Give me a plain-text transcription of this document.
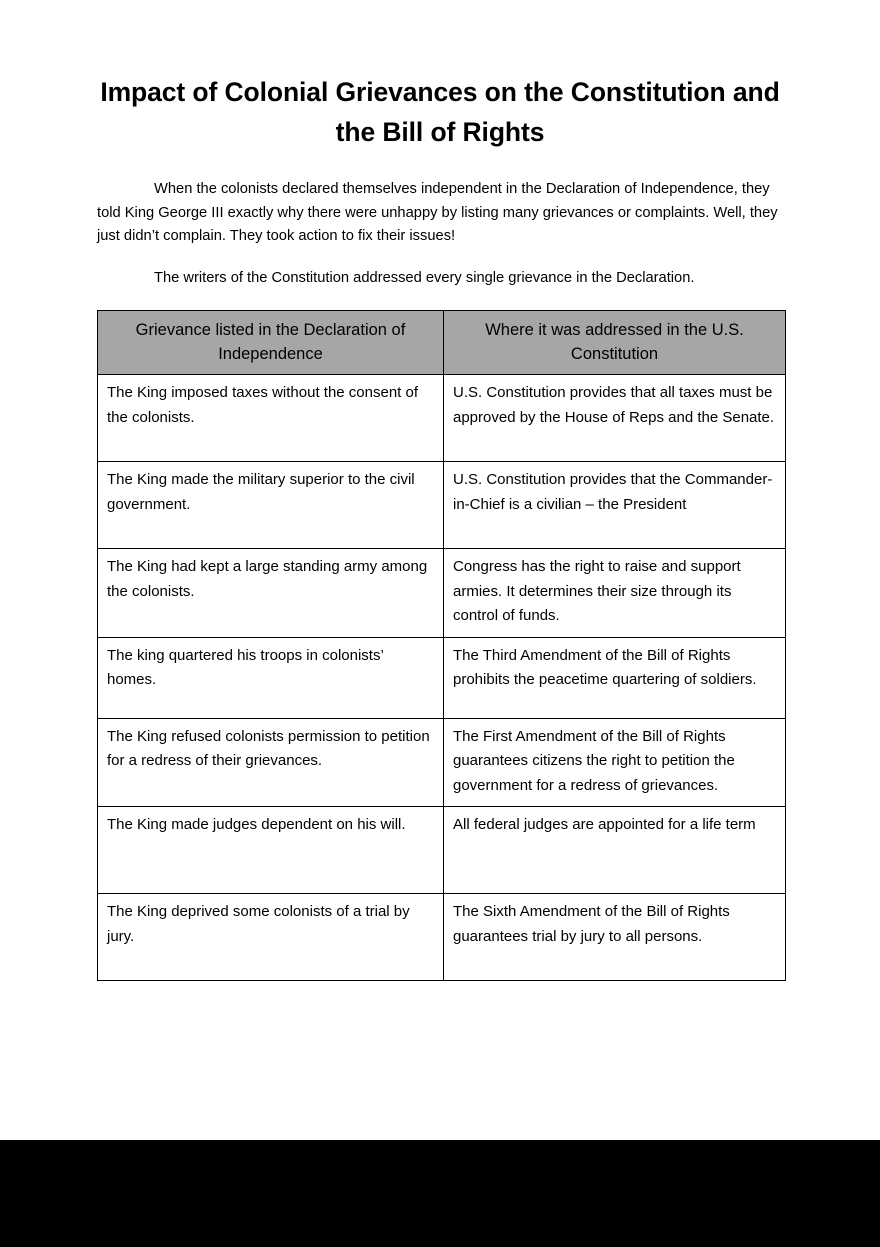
Impact of Colonial Grievances on the Constitution and the Bill of Rights

When the colonists declared themselves independent in the Declaration of Independence, they told King George III exactly why there were unhappy by listing many grievances or complaints. Well, they just didn’t complain. They took action to fix their issues!

The writers of the Constitution addressed every single grievance in the Declaration.

Grievance listed in the Declaration of Independence	Where it was addressed in the U.S. Constitution
The King imposed taxes without the consent of the colonists.	U.S. Constitution provides that all taxes must be approved by the House of Reps and the Senate.
The King made the military superior to the civil government.	U.S. Constitution provides that the Commander-in-Chief is a civilian – the President
The King had kept a large standing army among the colonists.	Congress has the right to raise and support armies. It determines their size through its control of funds.
The king quartered his troops in colonists’ homes.	The Third Amendment of the Bill of Rights prohibits the peacetime quartering of soldiers.
The King refused colonists permission to petition for a redress of their grievances.	The First Amendment of the Bill of Rights guarantees citizens the right to petition the government for a redress of grievances.
The King made judges dependent on his will.	All federal judges are appointed for a life term
The King deprived some colonists of a trial by jury.	The Sixth Amendment of the Bill of Rights guarantees trial by jury to all persons.
